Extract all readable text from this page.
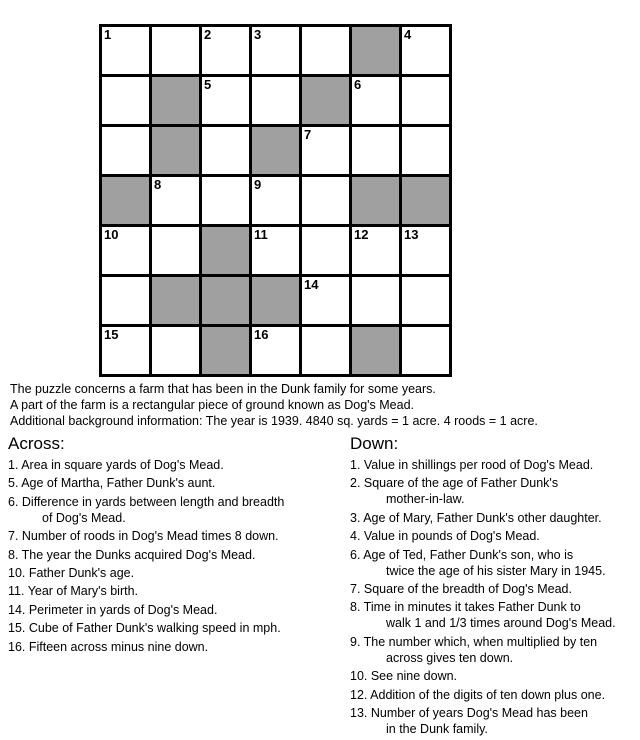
1	2	3	4
5	6
7
8	9
10	11	12	13
14
15	16
The puzzle concerns a farm that has been in the Dunk family for some years.
A part of the farm is a rectangular piece of ground known as Dog's Mead.
Additional background information: The year is 1939. 4840 sq. yards = 1 acre. 4 roods = 1 acre.
Across:
1. Area in square yards of Dog's Mead.
5. Age of Martha, Father Dunk's aunt.
6. Difference in yards between length and breadth
of Dog's Mead.
7. Number of roods in Dog's Mead times 8 down.
8. The year the Dunks acquired Dog's Mead.
10. Father Dunk's age.
11. Year of Mary's birth.
14. Perimeter in yards of Dog's Mead.
15. Cube of Father Dunk's walking speed in mph.
16. Fifteen across minus nine down.
Down:
1. Value in shillings per rood of Dog's Mead.
2. Square of the age of Father Dunk's
mother-in-law.
3. Age of Mary, Father Dunk's other daughter.
4. Value in pounds of Dog's Mead.
6. Age of Ted, Father Dunk's son, who is
twice the age of his sister Mary in 1945.
7. Square of the breadth of Dog's Mead.
8. Time in minutes it takes Father Dunk to
walk 1 and 1/3 times around Dog's Mead.
9. The number which, when multiplied by ten
across gives ten down.
10. See nine down.
12. Addition of the digits of ten down plus one.
13. Number of years Dog's Mead has been
in the Dunk family.
